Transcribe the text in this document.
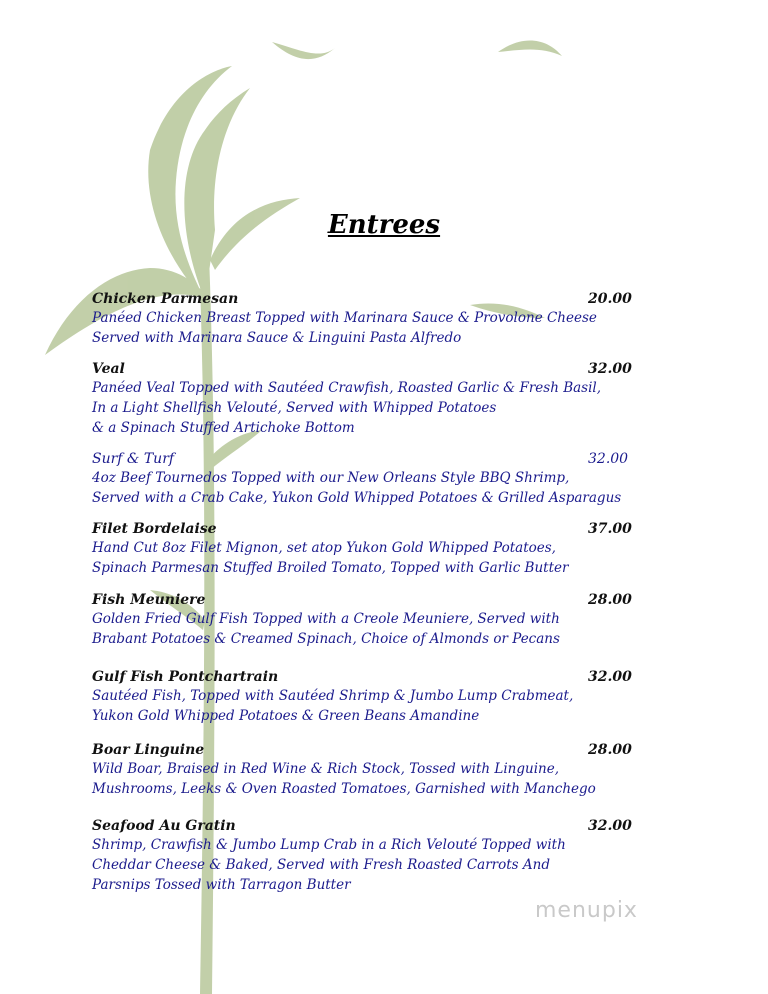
Entrees
Chicken Parmesan	20.00
Panéed Chicken Breast Topped with Marinara Sauce & Provolone Cheese
Served with Marinara Sauce & Linguini Pasta Alfredo
Veal	32.00
Panéed Veal Topped with Sautéed Crawfish, Roasted Garlic & Fresh Basil,
In a Light Shellfish Velouté, Served with Whipped Potatoes
& a Spinach Stuffed Artichoke Bottom
Surf & Turf	32.00
4oz Beef Tournedos Topped with our New Orleans Style BBQ Shrimp,
Served with a Crab Cake, Yukon Gold Whipped Potatoes & Grilled Asparagus
Filet Bordelaise	37.00
Hand Cut 8oz Filet Mignon, set atop Yukon Gold Whipped Potatoes,
Spinach Parmesan Stuffed Broiled Tomato, Topped with Garlic Butter
Fish Meuniere	28.00
Golden Fried Gulf Fish Topped with a Creole Meuniere, Served with
Brabant Potatoes & Creamed Spinach, Choice of Almonds or Pecans
Gulf Fish Pontchartrain	32.00
Sautéed Fish, Topped with Sautéed Shrimp & Jumbo Lump Crabmeat,
Yukon Gold Whipped Potatoes & Green Beans Amandine
Boar Linguine	28.00
Wild Boar, Braised in Red Wine & Rich Stock, Tossed with Linguine,
Mushrooms, Leeks & Oven Roasted Tomatoes, Garnished with Manchego
Seafood Au Gratin	32.00
Shrimp, Crawfish & Jumbo Lump Crab in a Rich Velouté Topped with
Cheddar Cheese & Baked, Served with Fresh Roasted Carrots And
Parsnips Tossed with Tarragon Butter
menupix
